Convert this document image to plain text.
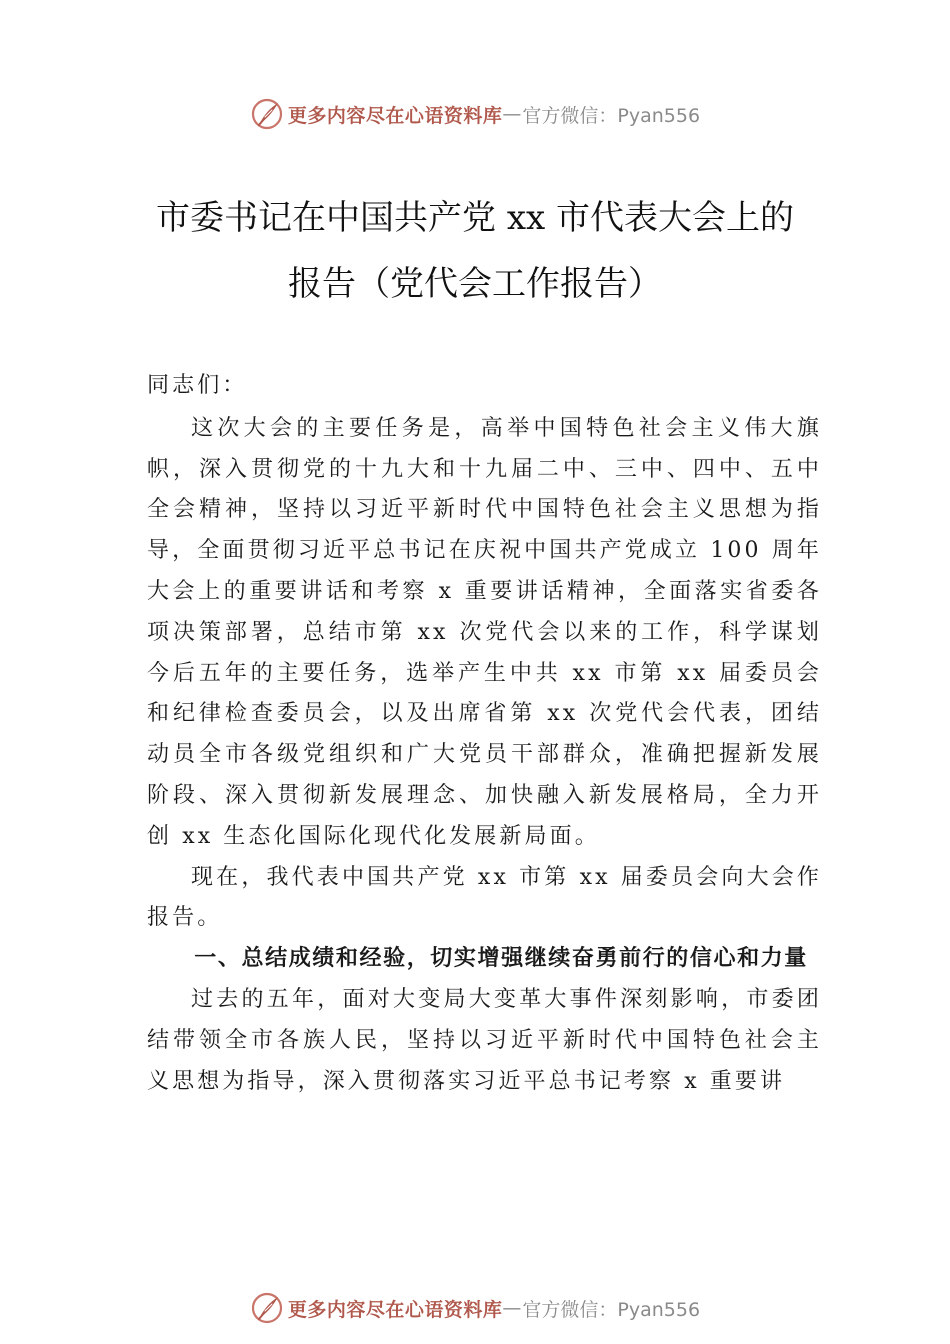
更多内容尽在心语资料库 — 官方微信：Pyan556
市委书记在中国共产党 xx 市代表大会上的
报告（党代会工作报告）

同志们：

这次大会的主要任务是，高举中国特色社会主义伟大旗帜，深入贯彻党的十九大和十九届二中、三中、四中、五中全会精神，坚持以习近平新时代中国特色社会主义思想为指导，全面贯彻习近平总书记在庆祝中国共产党成立 100 周年大会上的重要讲话和考察 x 重要讲话精神，全面落实省委各项决策部署，总结市第 xx 次党代会以来的工作，科学谋划今后五年的主要任务，选举产生中共 xx 市第 xx 届委员会和纪律检查委员会，以及出席省第 xx 次党代会代表，团结动员全市各级党组织和广大党员干部群众，准确把握新发展阶段、深入贯彻新发展理念、加快融入新发展格局，全力开创 xx 生态化国际化现代化发展新局面。

现在，我代表中国共产党 xx 市第 xx 届委员会向大会作报告。

一、总结成绩和经验，切实增强继续奋勇前行的信心和力量

过去的五年，面对大变局大变革大事件深刻影响，市委团结带领全市各族人民，坚持以习近平新时代中国特色社会主义思想为指导，深入贯彻落实习近平总书记考察 x 重要讲

更多内容尽在心语资料库 — 官方微信：Pyan556
